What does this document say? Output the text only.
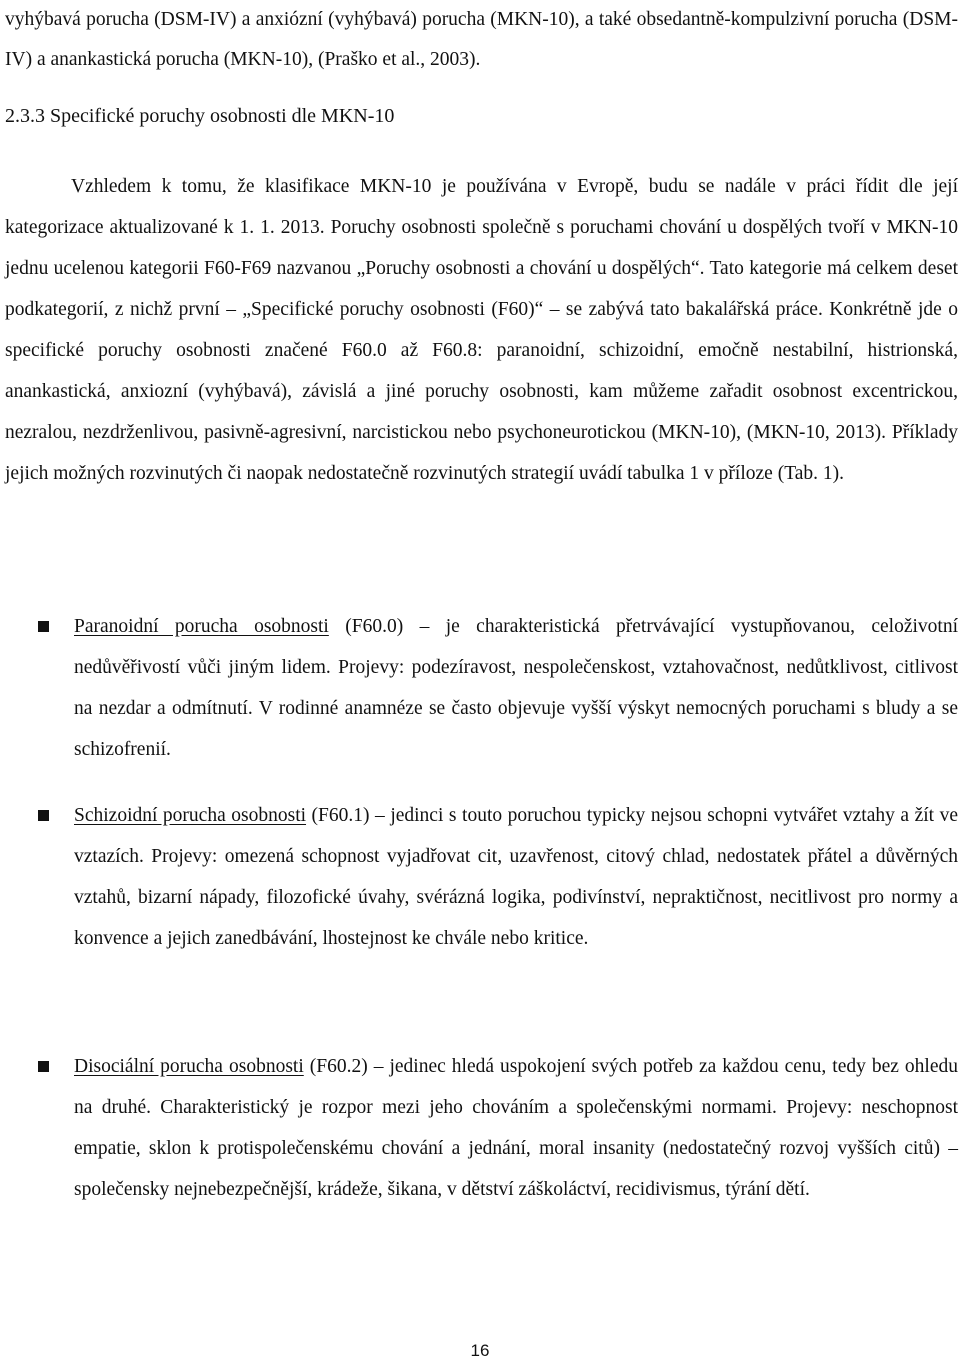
vyhýbavá porucha (DSM-IV) a anxiózní (vyhýbavá) porucha (MKN-10), a také obsedantně-kompulzivní porucha (DSM-IV) a anankastická porucha (MKN-10), (Praško et al., 2003).

2.3.3 Specifické poruchy osobnosti dle MKN-10

Vzhledem k tomu, že klasifikace MKN-10 je používána v Evropě, budu se nadále v práci řídit dle její kategorizace aktualizované k 1. 1. 2013. Poruchy osobnosti společně s poruchami chování u dospělých tvoří v MKN-10 jednu ucelenou kategorii F60-F69 nazvanou „Poruchy osobnosti a chování u dospělých“. Tato kategorie má celkem deset podkategorií, z nichž první – „Specifické poruchy osobnosti (F60)“ – se zabývá tato bakalářská práce. Konkrétně jde o specifické poruchy osobnosti značené F60.0 až F60.8: paranoidní, schizoidní, emočně nestabilní, histrionská, anankastická, anxiozní (vyhýbavá), závislá a jiné poruchy osobnosti, kam můžeme zařadit osobnost excentrickou, nezralou, nezdrženlivou, pasivně-agresivní, narcistickou nebo psychoneurotickou (MKN-10), (MKN-10, 2013). Příklady jejich možných rozvinutých či naopak nedostatečně rozvinutých strategií uvádí tabulka 1 v příloze (Tab. 1).

Paranoidní porucha osobnosti (F60.0) – je charakteristická přetrvávající vystupňovanou, celoživotní nedůvěřivostí vůči jiným lidem. Projevy: podezíravost, nespolečenskost, vztahovačnost, nedůtklivost, citlivost na nezdar a odmítnutí. V rodinné anamnéze se často objevuje vyšší výskyt nemocných poruchami s bludy a se schizofrenií.
Schizoidní porucha osobnosti (F60.1) – jedinci s touto poruchou typicky nejsou schopni vytvářet vztahy a žít ve vztazích. Projevy: omezená schopnost vyjadřovat cit, uzavřenost, citový chlad, nedostatek přátel a důvěrných vztahů, bizarní nápady, filozofické úvahy, svérázná logika, podivínství, nepraktičnost, necitlivost pro normy a konvence a jejich zanedbávání, lhostejnost ke chvále nebo kritice.
Disociální porucha osobnosti (F60.2) – jedinec hledá uspokojení svých potřeb za každou cenu, tedy bez ohledu na druhé. Charakteristický je rozpor mezi jeho chováním a společenskými normami. Projevy: neschopnost empatie, sklon k protispolečenskému chování a jednání, moral insanity (nedostatečný rozvoj vyšších citů) – společensky nejnebezpečnější, krádeže, šikana, v dětství záškoláctví, recidivismus, týrání dětí.
16
